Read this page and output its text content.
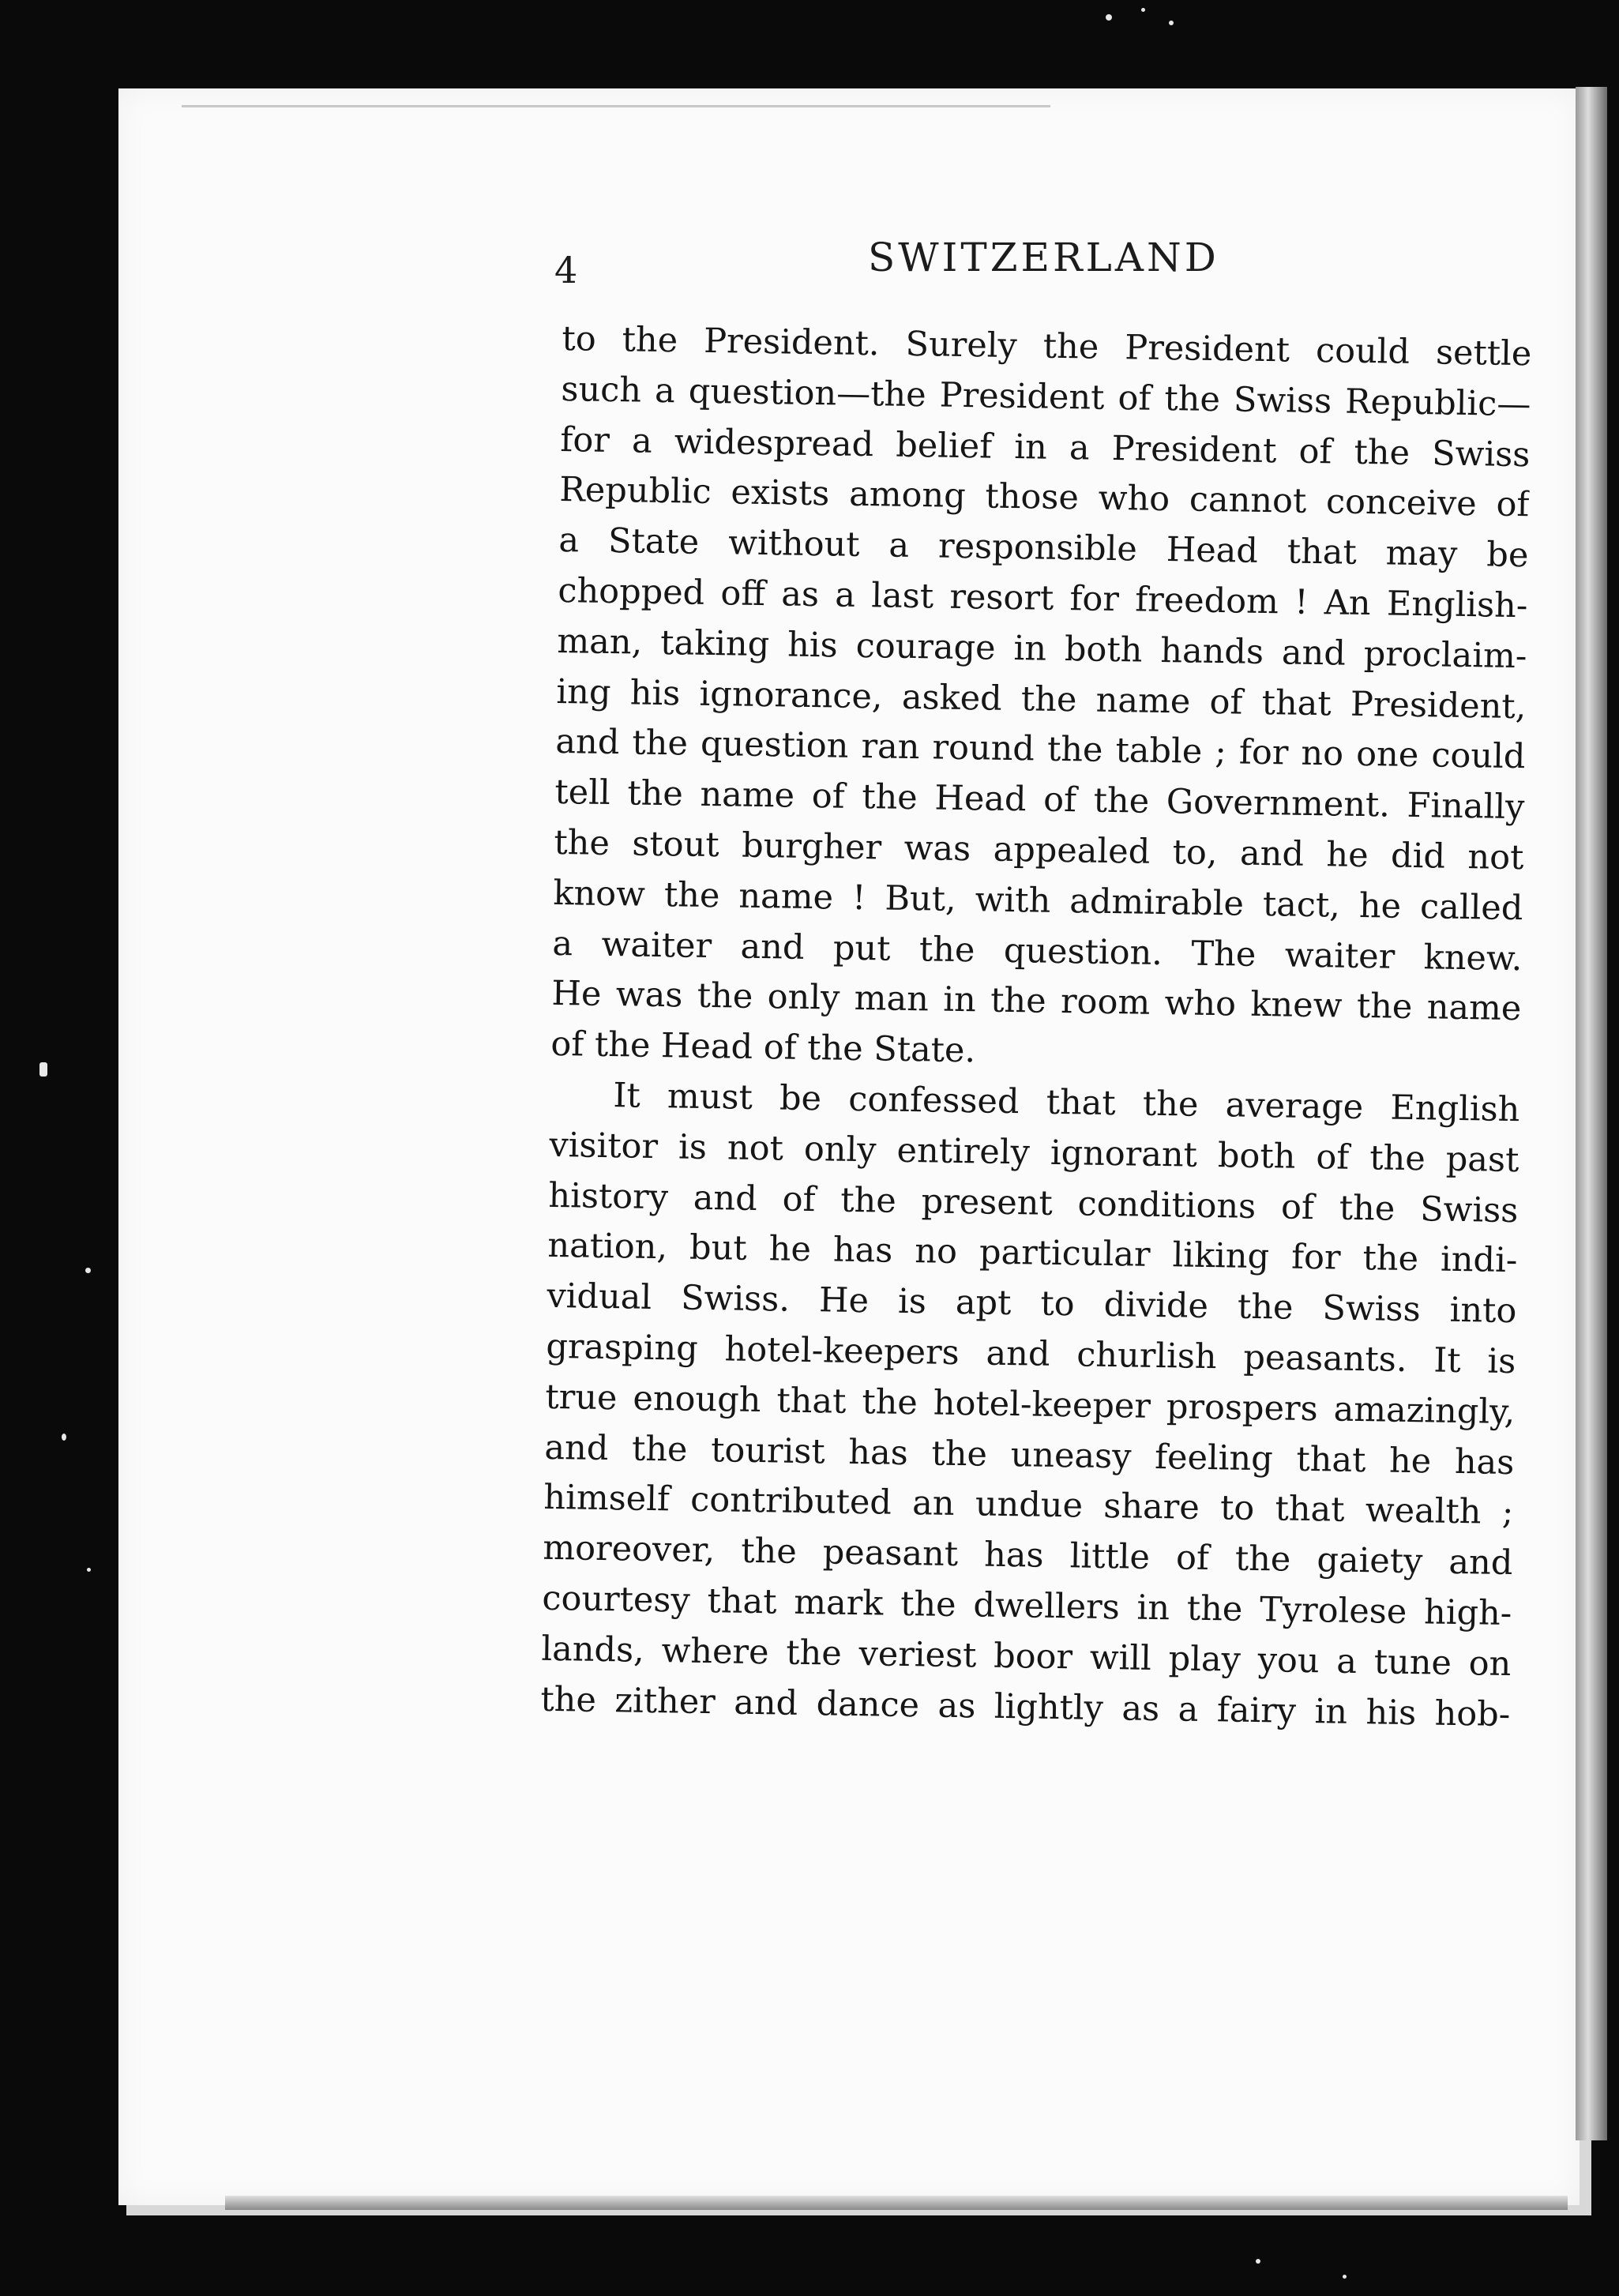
4	SWITZERLAND
to the President. Surely the President could settle
such a question—the President of the Swiss Republic—
for a widespread belief in a President of the Swiss
Republic exists among those who cannot conceive of
a State without a responsible Head that may be
chopped off as a last resort for freedom ! An English-
man, taking his courage in both hands and proclaim-
ing his ignorance, asked the name of that President,
and the question ran round the table ; for no one could
tell the name of the Head of the Government. Finally
the stout burgher was appealed to, and he did not
know the name ! But, with admirable tact, he called
a waiter and put the question. The waiter knew.
He was the only man in the room who knew the name
of the Head of the State.
It must be confessed that the average English
visitor is not only entirely ignorant both of the past
history and of the present conditions of the Swiss
nation, but he has no particular liking for the indi-
vidual Swiss. He is apt to divide the Swiss into
grasping hotel-keepers and churlish peasants. It is
true enough that the hotel-keeper prospers amazingly,
and the tourist has the uneasy feeling that he has
himself contributed an undue share to that wealth ;
moreover, the peasant has little of the gaiety and
courtesy that mark the dwellers in the Tyrolese high-
lands, where the veriest boor will play you a tune on
the zither and dance as lightly as a fairy in his hob-
